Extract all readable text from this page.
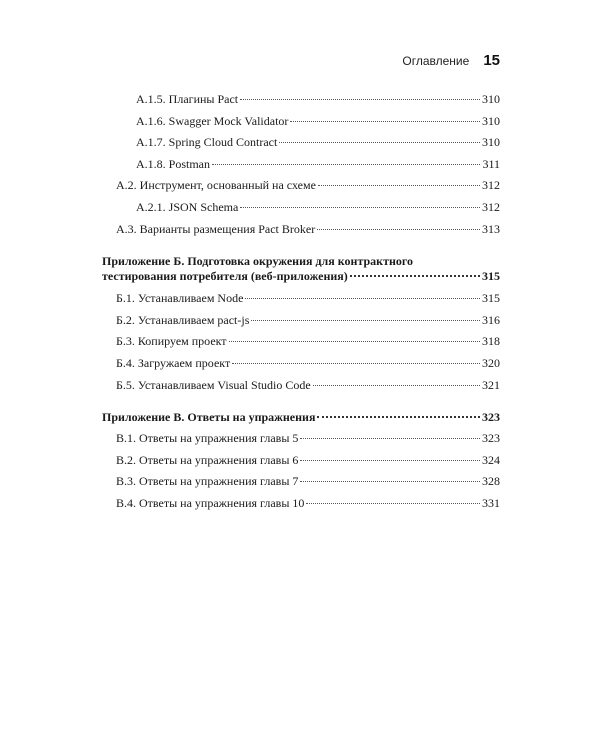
Оглавление 15
А.1.5. Плагины Pact	310
А.1.6. Swagger Mock Validator	310
А.1.7. Spring Cloud Contract	310
А.1.8. Postman	311
А.2. Инструмент, основанный на схеме	312
А.2.1. JSON Schema	312
А.3. Варианты размещения Pact Broker	313
Приложение Б. Подготовка окружения для контрактного
тестирования потребителя (веб-приложения)	315
Б.1. Устанавливаем Node	315
Б.2. Устанавливаем pact-js	316
Б.3. Копируем проект	318
Б.4. Загружаем проект	320
Б.5. Устанавливаем Visual Studio Code	321
Приложение В. Ответы на упражнения	323
В.1. Ответы на упражнения главы 5	323
В.2. Ответы на упражнения главы 6	324
В.3. Ответы на упражнения главы 7	328
В.4. Ответы на упражнения главы 10	331
